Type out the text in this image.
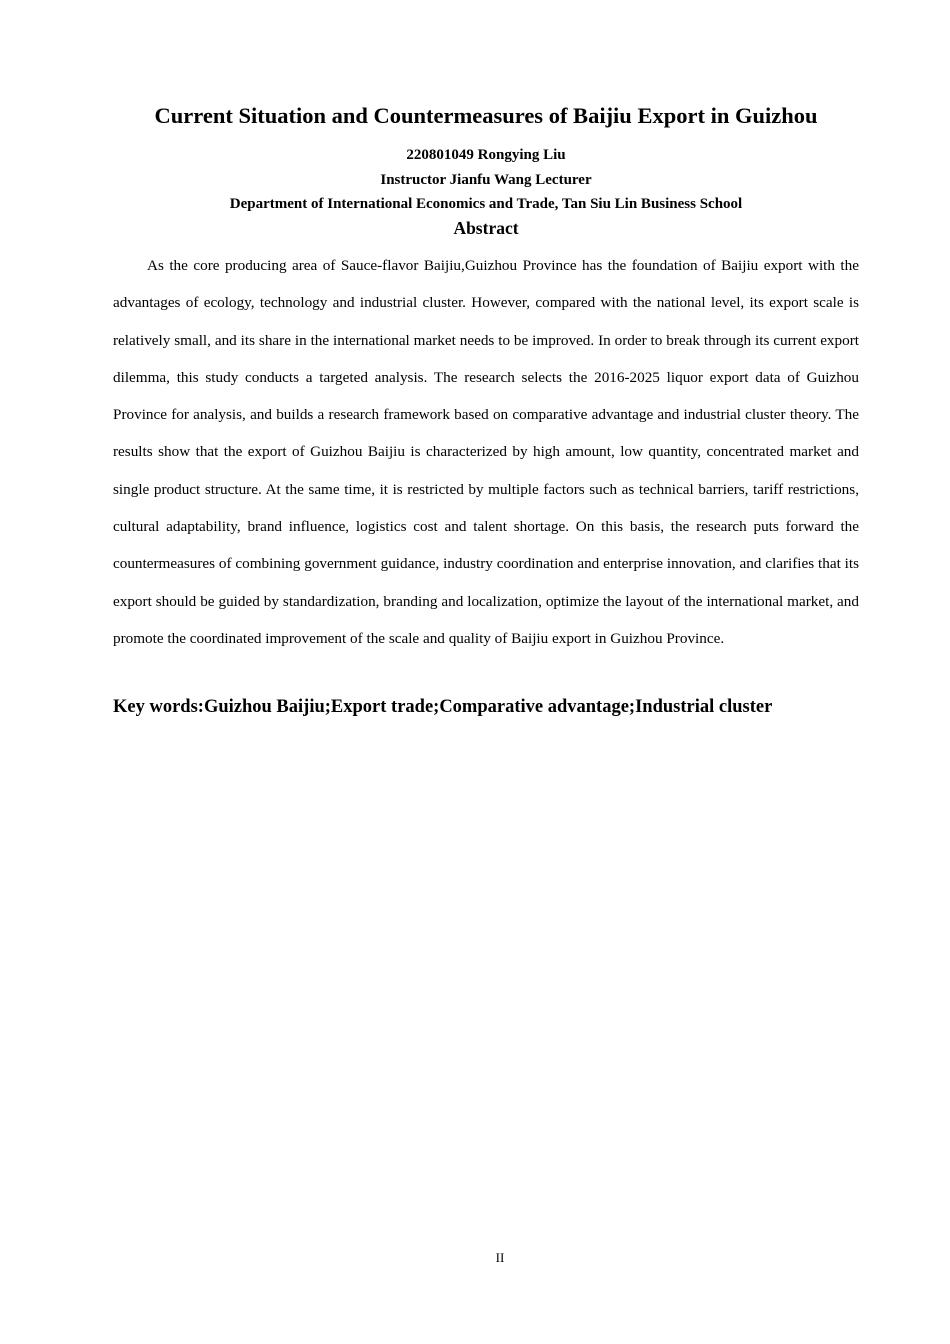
Current Situation and Countermeasures of Baijiu Export in Guizhou

220801049 Rongying Liu

Instructor Jianfu Wang Lecturer

Department of International Economics and Trade, Tan Siu Lin Business School

Abstract

As the core producing area of Sauce-flavor Baijiu,Guizhou Province has the foundation of Baijiu export with the advantages of ecology, technology and industrial cluster. However, compared with the national level, its export scale is relatively small, and its share in the international market needs to be improved. In order to break through its current export dilemma, this study conducts a targeted analysis. The research selects the 2016-2025 liquor export data of Guizhou Province for analysis, and builds a research framework based on comparative advantage and industrial cluster theory. The results show that the export of Guizhou Baijiu is characterized by high amount, low quantity, concentrated market and single product structure. At the same time, it is restricted by multiple factors such as technical barriers, tariff restrictions, cultural adaptability, brand influence, logistics cost and talent shortage. On this basis, the research puts forward the countermeasures of combining government guidance, industry coordination and enterprise innovation, and clarifies that its export should be guided by standardization, branding and localization, optimize the layout of the international market, and promote the coordinated improvement of the scale and quality of Baijiu export in Guizhou Province.

Key words:Guizhou Baijiu;Export trade;Comparative advantage;Industrial cluster

II
